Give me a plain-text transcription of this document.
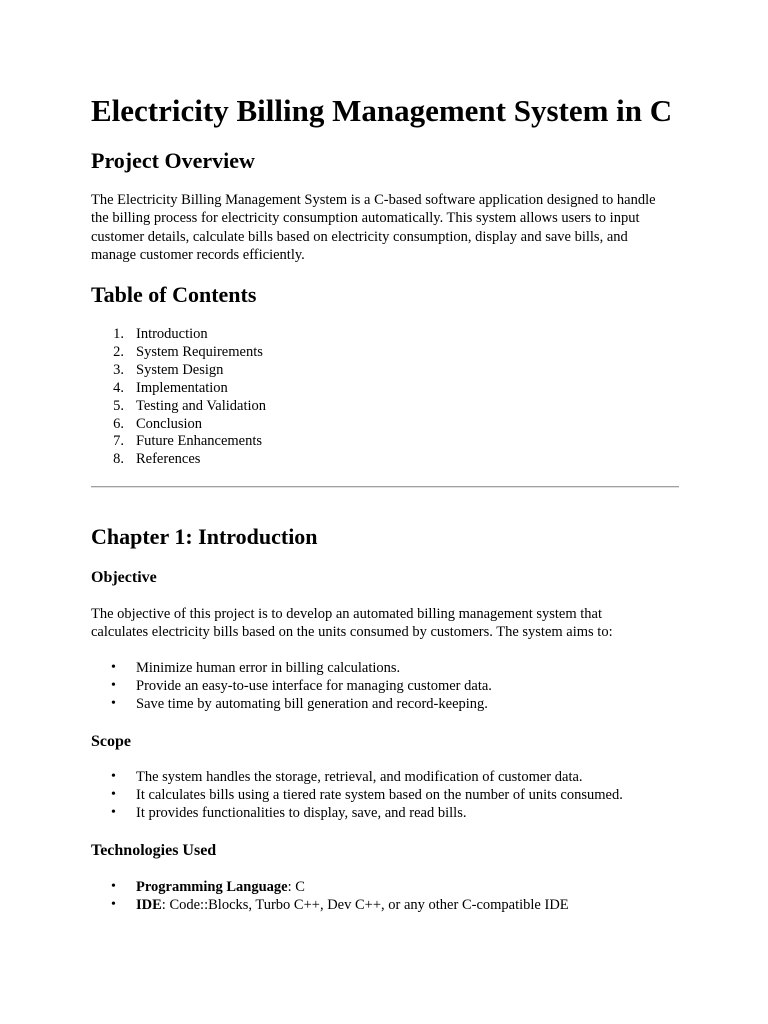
Electricity Billing Management System in C
Project Overview
The Electricity Billing Management System is a C-based software application designed to handle
the billing process for electricity consumption automatically. This system allows users to input
customer details, calculate bills based on electricity consumption, display and save bills, and
manage customer records efficiently.
Table of Contents
1. Introduction
2. System Requirements
3. System Design
4. Implementation
5. Testing and Validation
6. Conclusion
7. Future Enhancements
8. References
Chapter 1: Introduction
Objective
The objective of this project is to develop an automated billing management system that
calculates electricity bills based on the units consumed by customers. The system aims to:
• Minimize human error in billing calculations.
• Provide an easy-to-use interface for managing customer data.
• Save time by automating bill generation and record-keeping.
Scope
• The system handles the storage, retrieval, and modification of customer data.
• It calculates bills using a tiered rate system based on the number of units consumed.
• It provides functionalities to display, save, and read bills.
Technologies Used
• Programming Language: C
• IDE: Code::Blocks, Turbo C++, Dev C++, or any other C-compatible IDE
